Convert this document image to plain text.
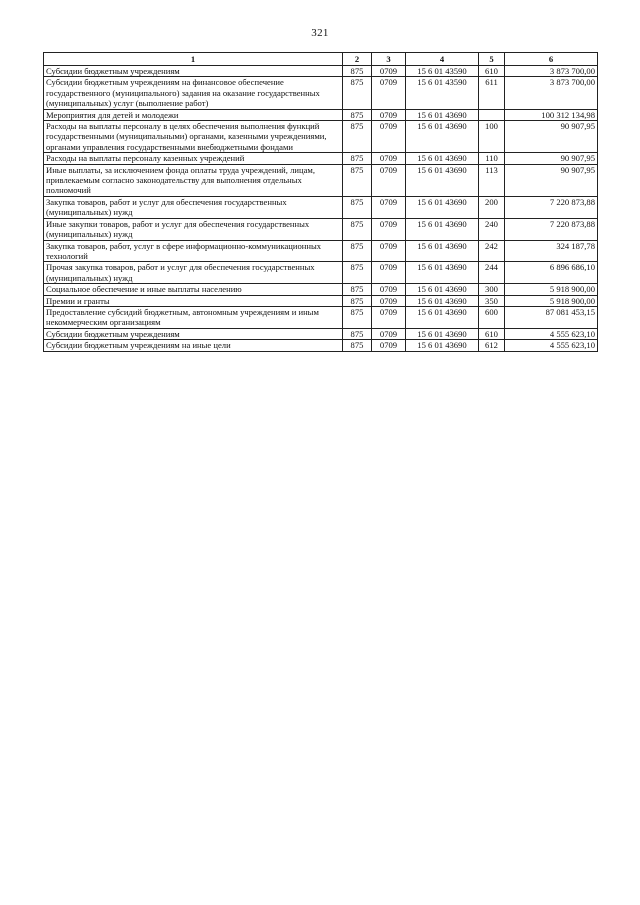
321
1	2	3	4	5	6
Субсидии бюджетным учреждениям	875	0709	15 6 01 43590	610	3 873 700,00
Субсидии бюджетным учреждениям на финансовое обеспечение государственного (муниципального) задания на оказание государственных (муниципальных) услуг (выполнение работ)	875	0709	15 6 01 43590	611	3 873 700,00
Мероприятия для детей и молодежи	875	0709	15 6 01 43690		100 312 134,98
Расходы на выплаты персоналу в целях обеспечения выполнения функций государственными (муниципальными) органами, казенными учреждениями, органами управления государственными внебюджетными фондами	875	0709	15 6 01 43690	100	90 907,95
Расходы на выплаты персоналу казенных учреждений	875	0709	15 6 01 43690	110	90 907,95
Иные выплаты, за исключением фонда оплаты труда учреждений, лицам, привлекаемым согласно законодательству для выполнения отдельных полномочий	875	0709	15 6 01 43690	113	90 907,95
Закупка товаров, работ и услуг для обеспечения государственных (муниципальных) нужд	875	0709	15 6 01 43690	200	7 220 873,88
Иные закупки товаров, работ и услуг для обеспечения государственных (муниципальных) нужд	875	0709	15 6 01 43690	240	7 220 873,88
Закупка товаров, работ, услуг в сфере информационно-коммуникационных технологий	875	0709	15 6 01 43690	242	324 187,78
Прочая закупка товаров, работ и услуг для обеспечения государственных (муниципальных) нужд	875	0709	15 6 01 43690	244	6 896 686,10
Социальное обеспечение и иные выплаты населению	875	0709	15 6 01 43690	300	5 918 900,00
Премии и гранты	875	0709	15 6 01 43690	350	5 918 900,00
Предоставление субсидий бюджетным, автономным учреждениям и иным некоммерческим организациям	875	0709	15 6 01 43690	600	87 081 453,15
Субсидии бюджетным учреждениям	875	0709	15 6 01 43690	610	4 555 623,10
Субсидии бюджетным учреждениям на иные цели	875	0709	15 6 01 43690	612	4 555 623,10
